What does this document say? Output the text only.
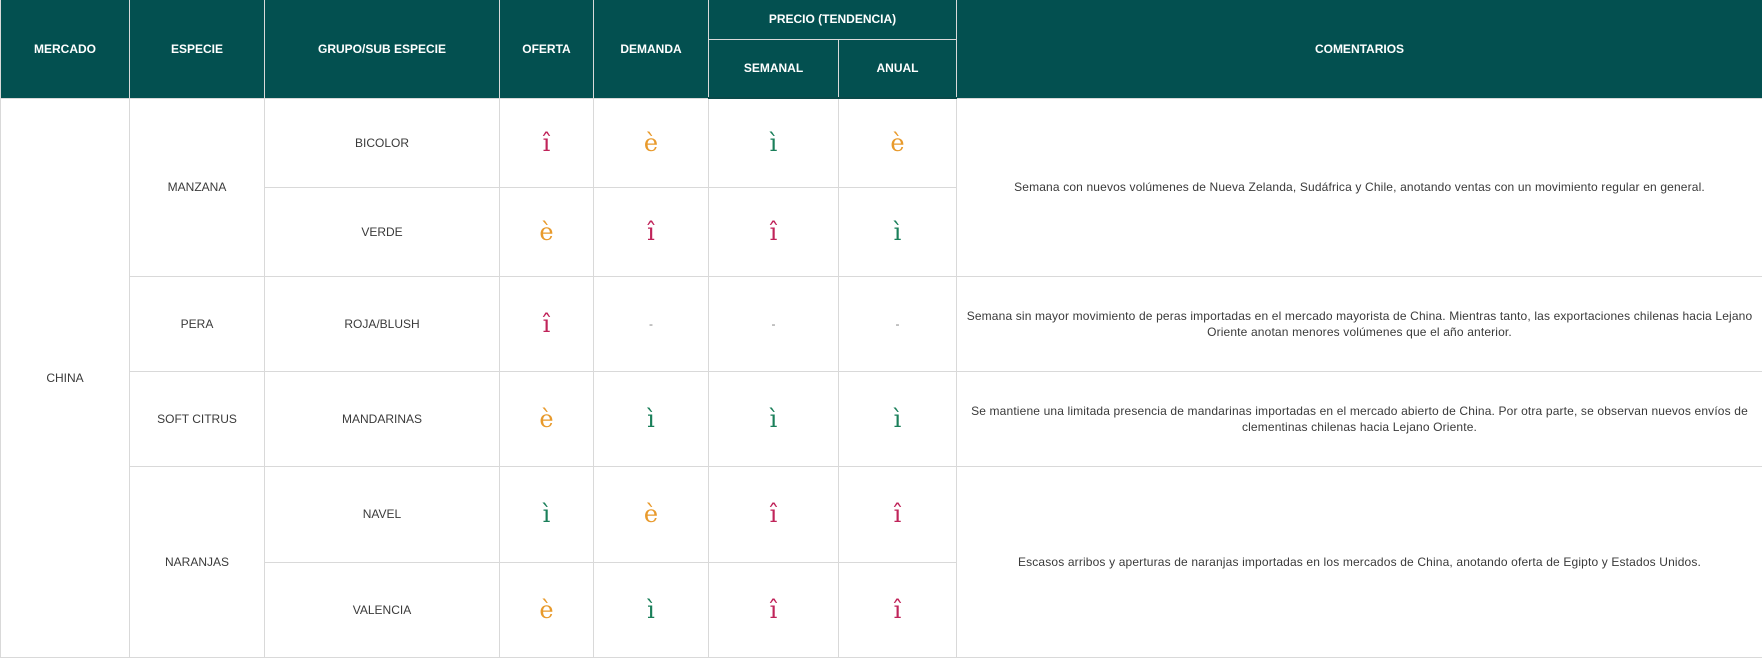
MERCADO	ESPECIE	GRUPO/SUB ESPECIE	OFERTA	DEMANDA	PRECIO (TENDENCIA)		COMENTARIOS
					SEMANAL	ANUAL	
CHINA	MANZANA	BICOLOR	î	è	ì	è	Semana con nuevos volúmenes de Nueva Zelanda, Sudáfrica y Chile, anotando ventas con un movimiento regular en general.
		VERDE	è	î	î	ì	
	PERA	ROJA/BLUSH	î	-	-	-	Semana sin mayor movimiento de peras importadas en el mercado mayorista de China. Mientras tanto, las exportaciones chilenas hacia Lejano Oriente anotan menores volúmenes que el año anterior.
	SOFT CITRUS	MANDARINAS	è	ì	ì	ì	Se mantiene una limitada presencia de mandarinas importadas en el mercado abierto de China. Por otra parte, se observan nuevos envíos de clementinas chilenas hacia Lejano Oriente.
	NARANJAS	NAVEL	ì	è	î	î	Escasos arribos y aperturas de naranjas importadas en los mercados de China, anotando oferta de Egipto y Estados Unidos.
		VALENCIA	è	ì	î	î	
